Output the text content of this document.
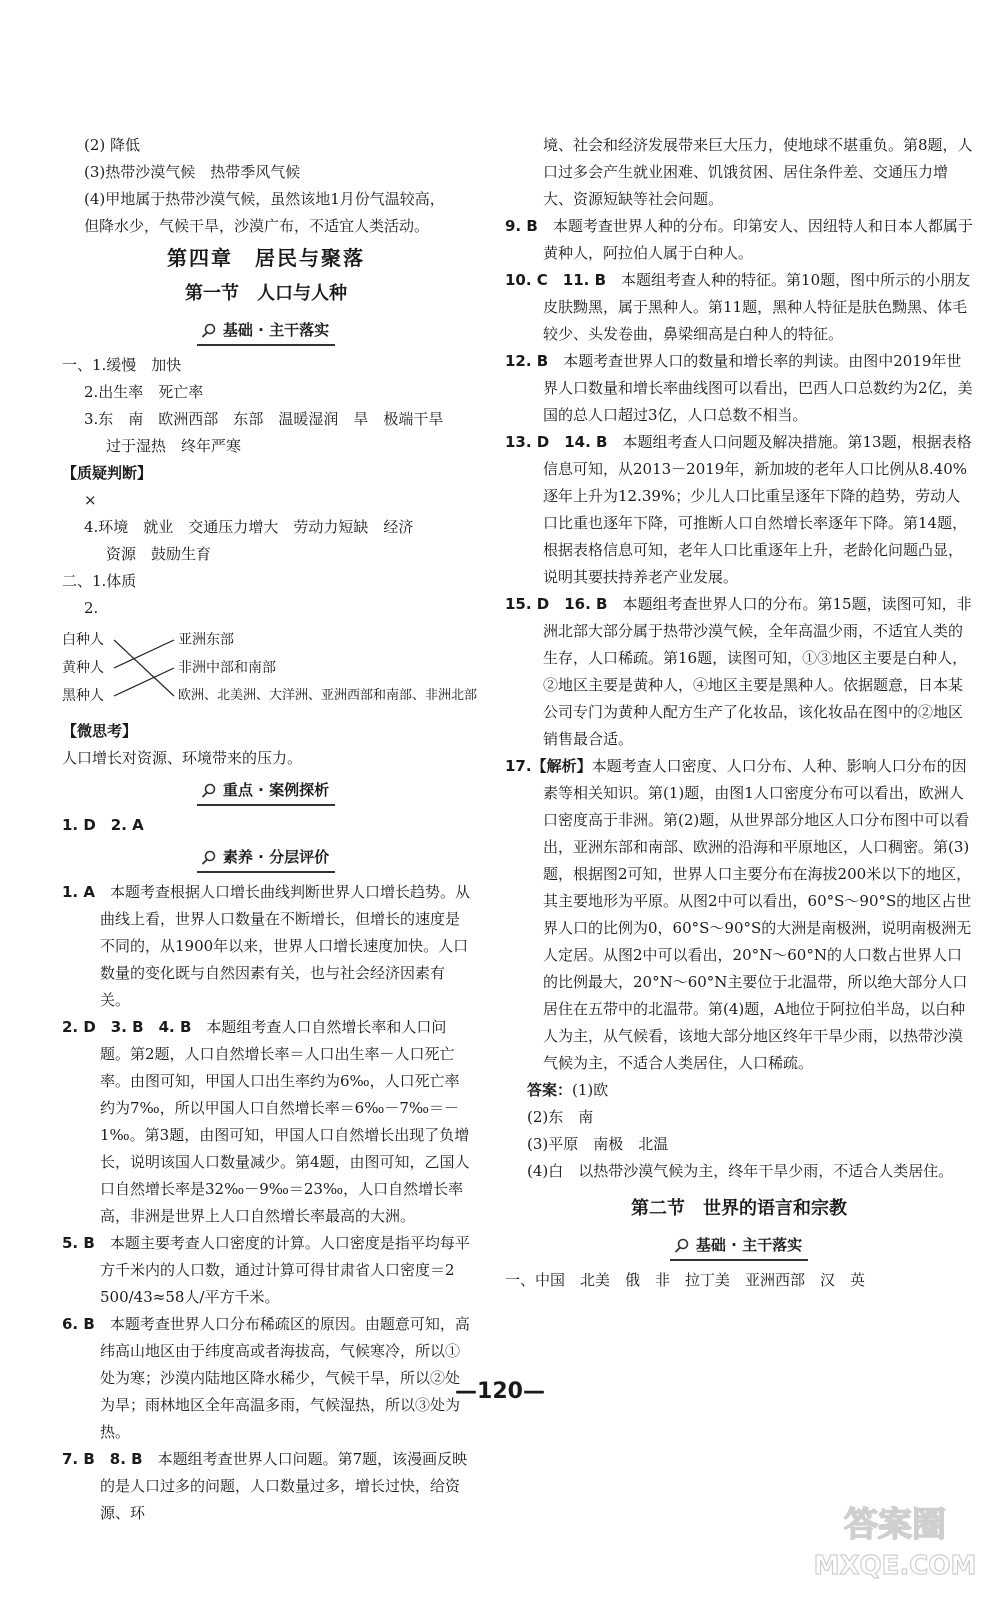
(2) 降低

(3)热带沙漠气候　热带季风气候

(4)甲地属于热带沙漠气候，虽然该地1月份气温较高，

但降水少，气候干旱，沙漠广布，不适宜人类活动。

第四章　居民与聚落
第一节　人口与人种
基础 · 主干落实

一、1.缓慢　加快

2.出生率　死亡率

3.东　南　欧洲西部　东部　温暖湿润　旱　极端干旱

过于湿热　终年严寒

【质疑判断】

×

4.环境　就业　交通压力增大　劳动力短缺　经济

资源　鼓励生育

二、1.体质

2.

白种人
黄种人
黑种人
亚洲东部
非洲中部和南部
欧洲、北美洲、大洋洲、亚洲西部和南部、非洲北部

【微思考】

人口增长对资源、环境带来的压力。

重点 · 案例探析

1. D　2. A

素养 · 分层评价

1. A　 本题考查根据人口增长曲线判断世界人口增长趋势。从曲线上看，世界人口数量在不断增长，但增长的速度是不同的，从1900年以来，世界人口增长速度加快。人口数量的变化既与自然因素有关，也与社会经济因素有关。

2. D　3. B　4. B　 本题组考查人口自然增长率和人口问题。第2题，人口自然增长率＝人口出生率－人口死亡率。由图可知，甲国人口出生率约为6‰，人口死亡率约为7‰，所以甲国人口自然增长率＝6‰－7‰＝－1‰。第3题，由图可知，甲国人口自然增长出现了负增长，说明该国人口数量减少。第4题，由图可知，乙国人口自然增长率是32‰－9‰＝23‰，人口自然增长率高，非洲是世界上人口自然增长率最高的大洲。

5. B　 本题主要考查人口密度的计算。人口密度是指平均每平方千米内的人口数，通过计算可得甘肃省人口密度＝2 500/43≈58人/平方千米。

6. B　 本题考查世界人口分布稀疏区的原因。由题意可知，高纬高山地区由于纬度高或者海拔高，气候寒冷，所以①处为寒；沙漠内陆地区降水稀少，气候干旱，所以②处为旱；雨林地区全年高温多雨，气候湿热，所以③处为热。

7. B　8. B　 本题组考查世界人口问题。第7题，该漫画反映的是人口过多的问题，人口数量过多，增长过快，给资源、环

境、社会和经济发展带来巨大压力，使地球不堪重负。第8题，人口过多会产生就业困难、饥饿贫困、居住条件差、交通压力增大、资源短缺等社会问题。

9. B　 本题考查世界人种的分布。印第安人、因纽特人和日本人都属于黄种人，阿拉伯人属于白种人。

10. C　11. B　 本题组考查人种的特征。第10题，图中所示的小朋友皮肤黝黑，属于黑种人。第11题，黑种人特征是肤色黝黑、体毛较少、头发卷曲，鼻梁细高是白种人的特征。

12. B　 本题考查世界人口的数量和增长率的判读。由图中2019年世界人口数量和增长率曲线图可以看出，巴西人口总数约为2亿，美国的总人口超过3亿，人口总数不相当。

13. D　14. B　 本题组考查人口问题及解决措施。第13题，根据表格信息可知，从2013－2019年，新加坡的老年人口比例从8.40%逐年上升为12.39%；少儿人口比重呈逐年下降的趋势，劳动人口比重也逐年下降，可推断人口自然增长率逐年下降。第14题，根据表格信息可知，老年人口比重逐年上升，老龄化问题凸显，说明其要扶持养老产业发展。

15. D　16. B　 本题组考查世界人口的分布。第15题，读图可知，非洲北部大部分属于热带沙漠气候，全年高温少雨，不适宜人类的生存，人口稀疏。第16题，读图可知，①③地区主要是白种人，②地区主要是黄种人，④地区主要是黑种人。依据题意，日本某公司专门为黄种人配方生产了化妆品，该化妆品在图中的②地区销售最合适。

17.【解析】本题考查人口密度、人口分布、人种、影响人口分布的因素等相关知识。第(1)题，由图1人口密度分布可以看出，欧洲人口密度高于非洲。第(2)题，从世界部分地区人口分布图中可以看出，亚洲东部和南部、欧洲的沿海和平原地区，人口稠密。第(3)题，根据图2可知，世界人口主要分布在海拔200米以下的地区，其主要地形为平原。从图2中可以看出，60°S～90°S的地区占世界人口的比例为0，60°S～90°S的大洲是南极洲，说明南极洲无人定居。从图2中可以看出，20°N～60°N的人口数占世界人口的比例最大，20°N～60°N主要位于北温带，所以绝大部分人口居住在五带中的北温带。第(4)题，A地位于阿拉伯半岛，以白种人为主，从气候看，该地大部分地区终年干旱少雨，以热带沙漠气候为主，不适合人类居住，人口稀疏。

答案：(1)欧

(2)东　南

(3)平原　南极　北温

(4)白　以热带沙漠气候为主，终年干旱少雨，不适合人类居住。

第二节　世界的语言和宗教
基础 · 主干落实

一、中国　北美　俄　非　拉丁美　亚洲西部　汉　英

—120—
答案圈
MXQE.COM
